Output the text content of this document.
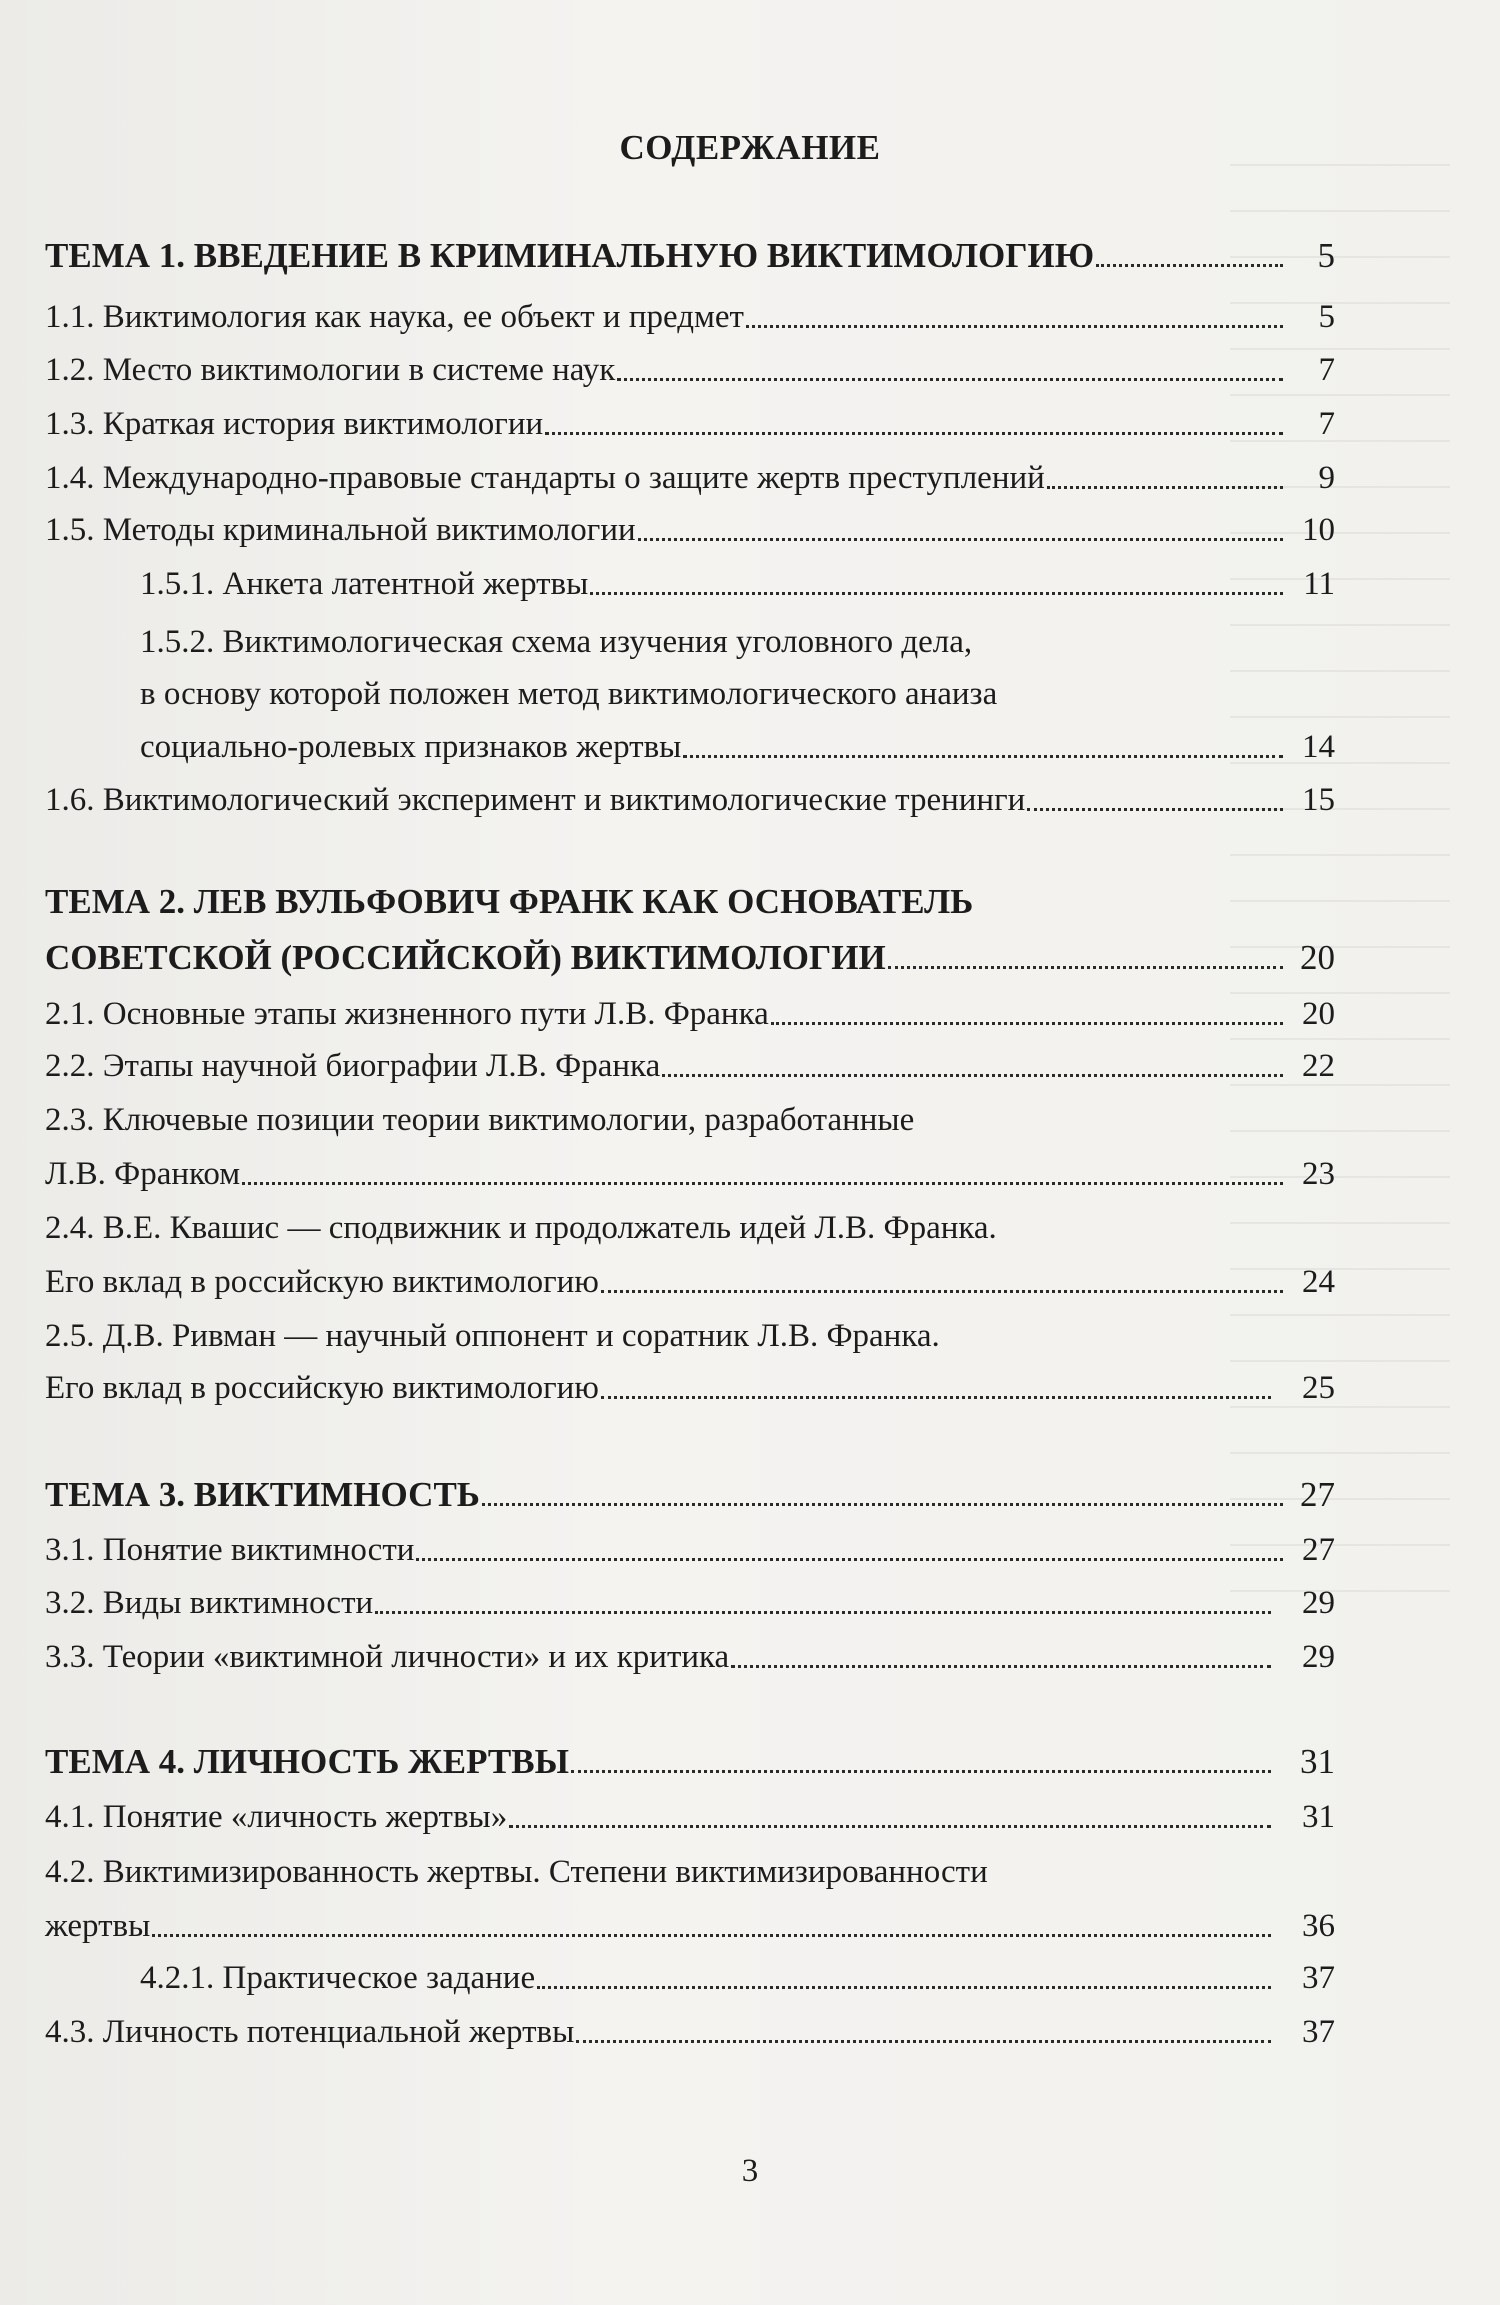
СОДЕРЖАНИЕ
ТЕМА 1. ВВЕДЕНИЕ В КРИМИНАЛЬНУЮ ВИКТИМОЛОГИЮ	5
1.1. Виктимология как наука, ее объект и предмет	5
1.2. Место виктимологии в системе наук	7
1.3. Краткая история виктимологии	7
1.4. Международно-правовые стандарты о защите жертв преступлений	9
1.5. Методы криминальной виктимологии	10
1.5.1. Анкета латентной жертвы	11
1.5.2. Виктимологическая схема изучения уголовного дела,
в основу которой положен метод виктимологического анаиза
социально-ролевых признаков жертвы	14
1.6. Виктимологический эксперимент и виктимологические тренинги	15
ТЕМА 2. ЛЕВ ВУЛЬФОВИЧ ФРАНК КАК ОСНОВАТЕЛЬ
СОВЕТСКОЙ (РОССИЙСКОЙ) ВИКТИМОЛОГИИ	20
2.1. Основные этапы жизненного пути Л.В. Франка	20
2.2. Этапы научной биографии Л.В. Франка	22
2.3. Ключевые позиции теории виктимологии, разработанные
Л.В. Франком	23
2.4. В.Е. Квашис — сподвижник и продолжатель идей Л.В. Франка.
Его вклад в российскую виктимологию	24
2.5. Д.В. Ривман — научный оппонент и соратник Л.В. Франка.
Его вклад в российскую виктимологию	25
ТЕМА 3. ВИКТИМНОСТЬ	27
3.1. Понятие виктимности	27
3.2. Виды виктимности	29
3.3. Теории «виктимной личности» и их критика	29
ТЕМА 4. ЛИЧНОСТЬ ЖЕРТВЫ	31
4.1. Понятие «личность жертвы»	31
4.2. Виктимизированность жертвы. Степени виктимизированности
жертвы	36
4.2.1. Практическое задание	37
4.3. Личность потенциальной жертвы	37
3
